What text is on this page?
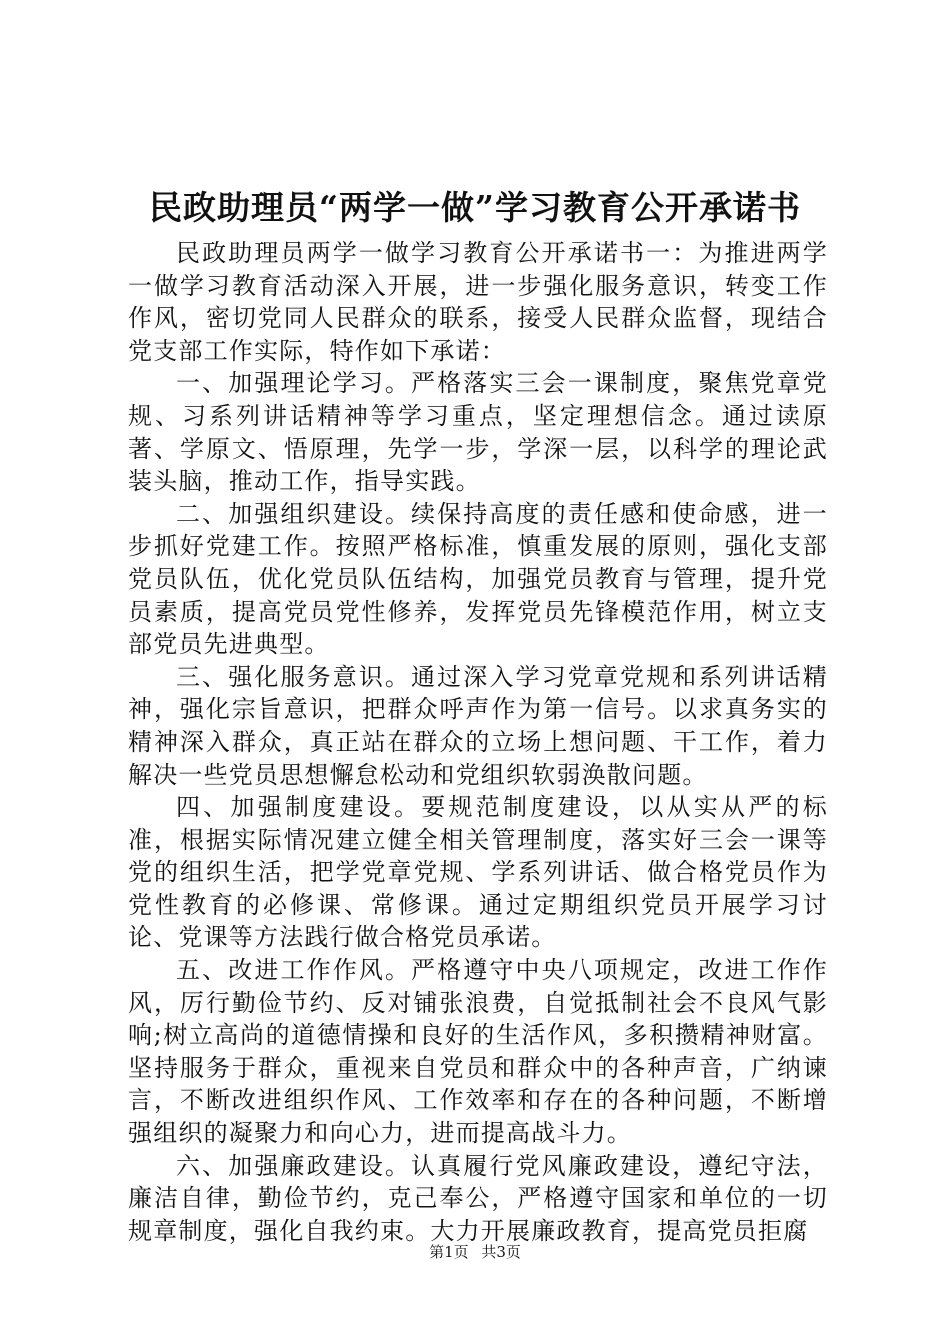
民政助理员“两学一做”学习教育公开承诺书

民政助理员两学一做学习教育公开承诺书一：为推进两学一做学习教育活动深入开展，进一步强化服务意识，转变工作作风，密切党同人民群众的联系，接受人民群众监督，现结合党支部工作实际，特作如下承诺：

一、加强理论学习。严格落实三会一课制度，聚焦党章党规、习系列讲话精神等学习重点，坚定理想信念。通过读原著、学原文、悟原理，先学一步，学深一层，以科学的理论武装头脑，推动工作，指导实践。

二、加强组织建设。续保持高度的责任感和使命感，进一步抓好党建工作。按照严格标准，慎重发展的原则，强化支部党员队伍，优化党员队伍结构，加强党员教育与管理，提升党员素质，提高党员党性修养，发挥党员先锋模范作用，树立支部党员先进典型。

三、强化服务意识。通过深入学习党章党规和系列讲话精神，强化宗旨意识，把群众呼声作为第一信号。以求真务实的精神深入群众，真正站在群众的立场上想问题、干工作，着力解决一些党员思想懈怠松动和党组织软弱涣散问题。

四、加强制度建设。要规范制度建设，以从实从严的标准，根据实际情况建立健全相关管理制度，落实好三会一课等党的组织生活，把学党章党规、学系列讲话、做合格党员作为党性教育的必修课、常修课。通过定期组织党员开展学习讨论、党课等方法践行做合格党员承诺。

五、改进工作作风。严格遵守中央八项规定，改进工作作风，厉行勤俭节约、反对铺张浪费，自觉抵制社会不良风气影响;树立高尚的道德情操和良好的生活作风，多积攒精神财富。坚持服务于群众，重视来自党员和群众中的各种声音，广纳谏言，不断改进组织作风、工作效率和存在的各种问题，不断增强组织的凝聚力和向心力，进而提高战斗力。

六、加强廉政建设。认真履行党风廉政建设，遵纪守法，廉洁自律，勤俭节约，克己奉公，严格遵守国家和单位的一切规章制度，强化自我约束。大力开展廉政教育，提高党员拒腐

第1页 共3页
